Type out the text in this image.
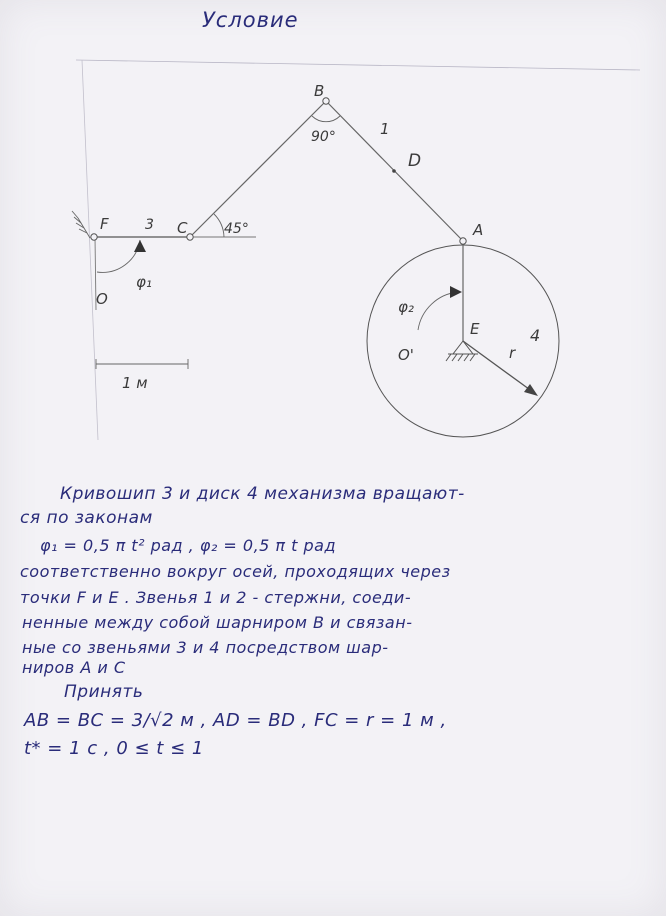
Условие
B
90°	1
D
A
F	3 C	45°
φ₁
O	φ₂
E
O'	r
4
1 м
Кривошип 3 и диск 4 механизма вращают-
ся по законам
φ₁ = 0,5 π t² рад , φ₂ = 0,5 π t рад
соответственно вокруг осей, проходящих через
точки F и E . Звенья 1 и 2 - стержни, соеди-
ненные между собой шарниром B и связан-
ные со звеньями 3 и 4 посредством шар-
ниров A и C
Принять
AB = BC = 3/√2 м , AD = BD , FC = r = 1 м ,
t* = 1 с , 0 ≤ t ≤ 1
